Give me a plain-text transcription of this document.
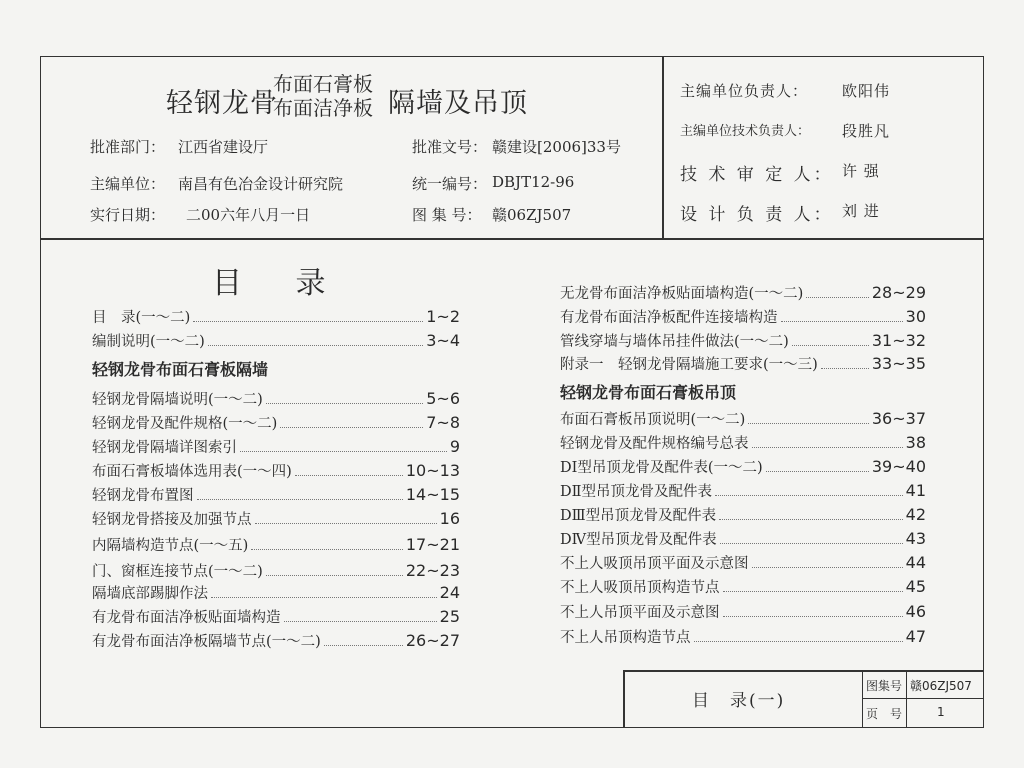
轻钢龙骨
布面石膏板
布面洁净板 隔墙及吊顶
批准部门： 江西省建设厅	批准文号： 赣建设[2006]33号
主编单位： 南昌有色冶金设计研究院	统一编号： DBJT12-96
实行日期： 二00六年八月一日	图 集 号： 赣06ZJ507
主编单位负责人： 欧阳伟
主编单位技术负责人： 段胜凡
技 术 审 定 人： 许 强
设 计 负 责 人： 刘 进
目 录
目　录(一～二)	1~2
编制说明(一～二)	3~4
轻钢龙骨布面石膏板隔墙
轻钢龙骨隔墙说明(一～二)	5~6
轻钢龙骨及配件规格(一～二)	7~8
轻钢龙骨隔墙详图索引	9
布面石膏板墙体选用表(一～四)	10~13
轻钢龙骨布置图	14~15
轻钢龙骨搭接及加强节点	16
内隔墙构造节点(一～五)	17~21
门、窗框连接节点(一～二)	22~23
隔墙底部踢脚作法	24
有龙骨布面洁净板贴面墙构造	25
有龙骨布面洁净板隔墙节点(一～二)	26~27
无龙骨布面洁净板贴面墙构造(一～二)	28~29
有龙骨布面洁净板配件连接墙构造	30
管线穿墙与墙体吊挂件做法(一～二)	31~32
附录一　轻钢龙骨隔墙施工要求(一～三)	33~35
轻钢龙骨布面石膏板吊顶
布面石膏板吊顶说明(一～二)	36~37
轻钢龙骨及配件规格编号总表	38
DⅠ型吊顶龙骨及配件表(一～二)	39~40
DⅡ型吊顶龙骨及配件表	41
DⅢ型吊顶龙骨及配件表	42
DⅣ型吊顶龙骨及配件表	43
不上人吸顶吊顶平面及示意图	44
不上人吸顶吊顶构造节点	45
不上人吊顶平面及示意图	46
不上人吊顶构造节点	47
目　录(一)
图集号 赣06ZJ507
页　号	1
